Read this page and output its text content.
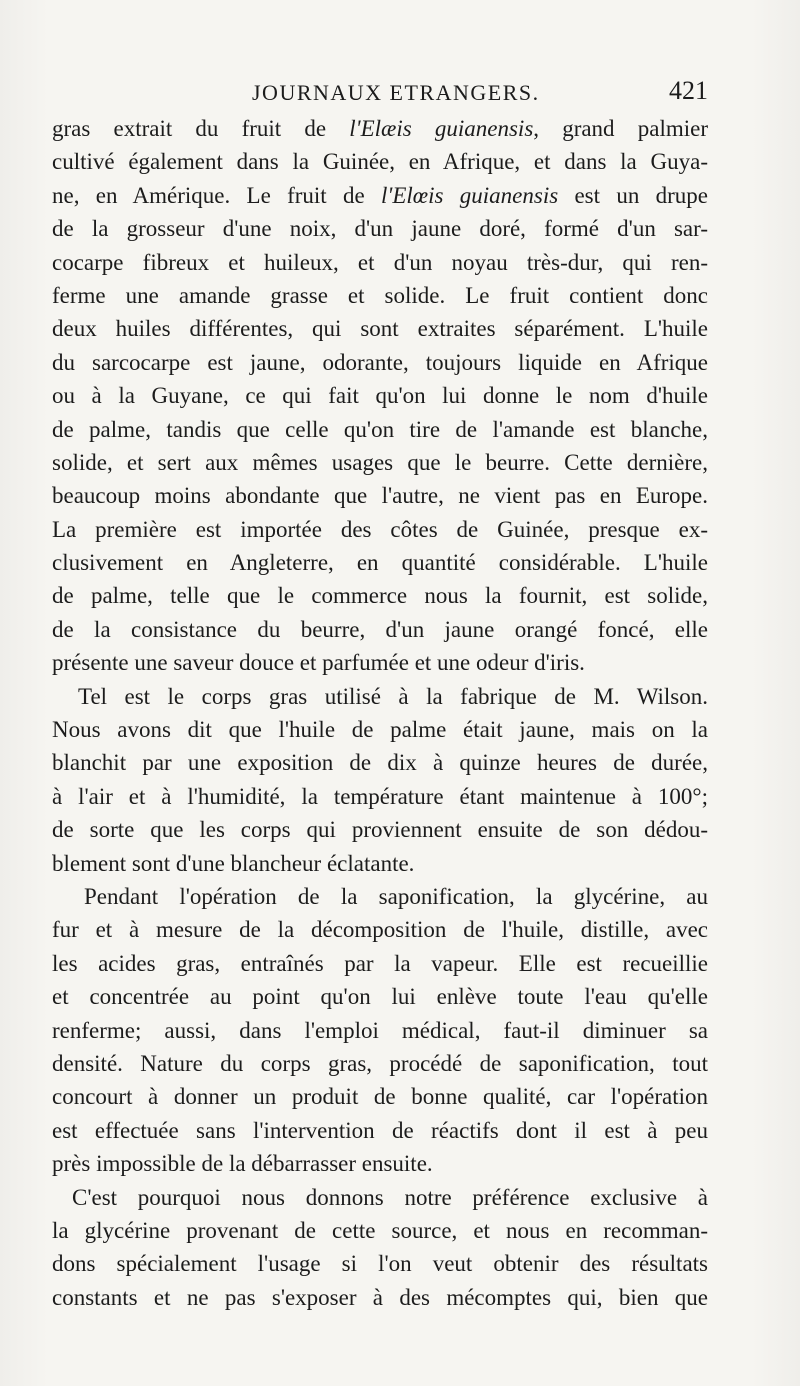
JOURNAUX ETRANGERS.	421
gras extrait du fruit de l'Elæis guianensis, grand palmier
cultivé également dans la Guinée, en Afrique, et dans la Guya-
ne, en Amérique. Le fruit de l'Elœis guianensis est un drupe
de la grosseur d'une noix, d'un jaune doré, formé d'un sar-
cocarpe fibreux et huileux, et d'un noyau très-dur, qui ren-
ferme une amande grasse et solide. Le fruit contient donc
deux huiles différentes, qui sont extraites séparément. L'huile
du sarcocarpe est jaune, odorante, toujours liquide en Afrique
ou à la Guyane, ce qui fait qu'on lui donne le nom d'huile
de palme, tandis que celle qu'on tire de l'amande est blanche,
solide, et sert aux mêmes usages que le beurre. Cette dernière,
beaucoup moins abondante que l'autre, ne vient pas en Europe.
La première est importée des côtes de Guinée, presque ex-
clusivement en Angleterre, en quantité considérable. L'huile
de palme, telle que le commerce nous la fournit, est solide,
de la consistance du beurre, d'un jaune orangé foncé, elle
présente une saveur douce et parfumée et une odeur d'iris.
Tel est le corps gras utilisé à la fabrique de M. Wilson.
Nous avons dit que l'huile de palme était jaune, mais on la
blanchit par une exposition de dix à quinze heures de durée,
à l'air et à l'humidité, la température étant maintenue à 100°;
de sorte que les corps qui proviennent ensuite de son dédou-
blement sont d'une blancheur éclatante.
Pendant l'opération de la saponification, la glycérine, au
fur et à mesure de la décomposition de l'huile, distille, avec
les acides gras, entraînés par la vapeur. Elle est recueillie
et concentrée au point qu'on lui enlève toute l'eau qu'elle
renferme; aussi, dans l'emploi médical, faut-il diminuer sa
densité. Nature du corps gras, procédé de saponification, tout
concourt à donner un produit de bonne qualité, car l'opération
est effectuée sans l'intervention de réactifs dont il est à peu
près impossible de la débarrasser ensuite.
C'est pourquoi nous donnons notre préférence exclusive à
la glycérine provenant de cette source, et nous en recomman-
dons spécialement l'usage si l'on veut obtenir des résultats
constants et ne pas s'exposer à des mécomptes qui, bien que
